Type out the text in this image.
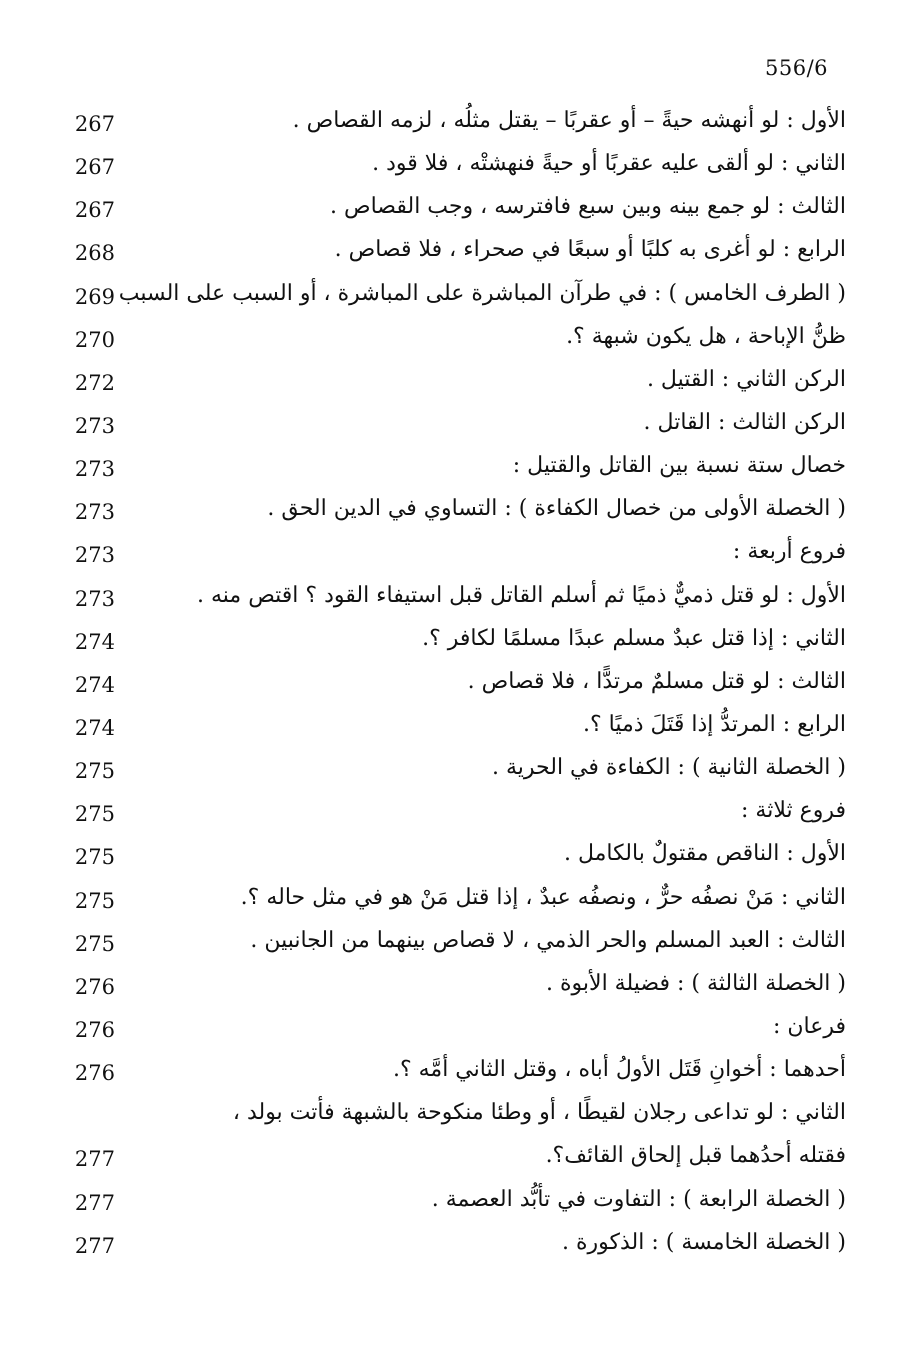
556/6
267	الأول : لو أنهشه حيةً – أو عقربًا – يقتل مثلُه ، لزمه القصاص .
267	الثاني : لو ألقى عليه عقربًا أو حيةً فنهشتْه ، فلا قود .
267	الثالث : لو جمع بينه وبين سبع فافترسه ، وجب القصاص .
268	الرابع : لو أغرى به كلبًا أو سبعًا في صحراء ، فلا قصاص .
269 ( الطرف الخامس ) : في طرآن المباشرة على المباشرة ، أو السبب على السبب
270	ظنُّ الإباحة ، هل يكون شبهة ؟.
272	الركن الثاني : القتيل .
273	الركن الثالث : القاتل .
273	خصال ستة نسبة بين القاتل والقتيل :
273	( الخصلة الأولى من خصال الكفاءة ) : التساوي في الدين الحق .
273	فروع أربعة :
273	الأول : لو قتل ذميٌّ ذميًا ثم أسلم القاتل قبل استيفاء القود ؟ اقتص منه .
274	الثاني : إذا قتل عبدٌ مسلم عبدًا مسلمًا لكافر ؟.
274	الثالث : لو قتل مسلمٌ مرتدًّا ، فلا قصاص .
274	الرابع : المرتدُّ إذا قَتَلَ ذميًا ؟.
275	( الخصلة الثانية ) : الكفاءة في الحرية .
275	فروع ثلاثة :
275	الأول : الناقص مقتولٌ بالكامل .
275	الثاني : مَنْ نصفُه حرٌّ ، ونصفُه عبدٌ ، إذا قتل مَنْ هو في مثل حاله ؟.
275	الثالث : العبد المسلم والحر الذمي ، لا قصاص بينهما من الجانبين .
276	( الخصلة الثالثة ) : فضيلة الأبوة .
276	فرعان :
276	أحدهما : أخوانِ قَتَل الأولُ أباه ، وقتل الثاني أمَّه ؟.
الثاني : لو تداعى رجلان لقيطًا ، أو وطئا منكوحة بالشبهة فأتت بولد ،
277	فقتله أحدُهما قبل إلحاق القائف؟.
277	( الخصلة الرابعة ) : التفاوت في تأبُّد العصمة .
277	( الخصلة الخامسة ) : الذكورة .
